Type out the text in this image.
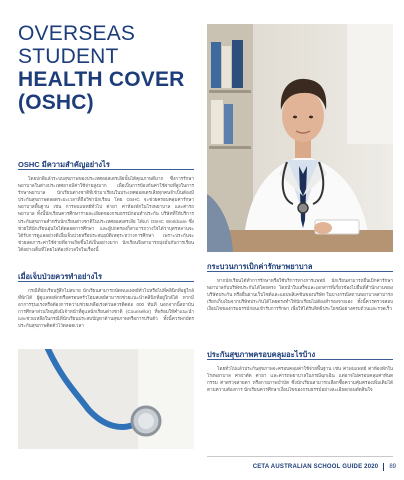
OVERSEAS
STUDENT
HEALTH COVER
(OSHC)
OSHC มีความสำคัญอย่างไร

โดยปกติแล้วระบบสุขภาพของประเทศออสเตรเลียนั้นได้คุณภาพดีมาก ซึ่งการรักษาพยาบาลในต่างประเทศอาจมีค่าใช้จ่ายสูงมาก เพื่อเป็นการป้องกันค่าใช้จ่ายที่สูงในการรักษาพยาบาล นักเรียนต่างชาติที่เข้ามาเรียนในประเทศออสเตรเลียทุกคนจำเป็นต้องมีประกันสุขภาพตลอดระยะเวลาที่ถือวีซ่านักเรียน โดย OSHC จะช่วยครอบคลุมค่ารักษาพยาบาลพื้นฐาน เช่น การพบแพทย์ทั่วไป ค่ายา ค่าห้องพักในโรงพยาบาล และค่ารถพยาบาล ทั้งนี้นักเรียนควรศึกษารายละเอียดของกรมธรรม์ก่อนทำประกัน บริษัทที่ให้บริการประกันสุขภาพสำหรับนักเรียนต่างชาติในประเทศออสเตรเลีย ได้แก่ OSHC Worldcare ซึ่งช่วยให้นักเรียนอุ่นใจได้ตลอดการศึกษา และผู้ปกครองก็สามารถวางใจได้ว่าบุตรหลานจะได้รับการดูแลอย่างดีเมื่อเจ็บป่วยหรือประสบอุบัติเหตุระหว่างการศึกษา เพราะประกันจะช่วยลดภาระค่าใช้จ่ายที่อาจเกิดขึ้นได้เป็นอย่างมาก นักเรียนจึงสามารถมุ่งมั่นกับการเรียนได้อย่างเต็มที่โดยไม่ต้องกังวลใจในเรื่องนี้

เมื่อเจ็บป่วยควรทำอย่างไร

กรณีที่นักเรียนรู้สึกไม่สบาย นักเรียนสามารถนัดพบแพทย์ทั่วไปหรือไปที่คลินิกที่อยู่ใกล้ที่พักได้ ผู้ดูแลหอพักหรือครอบครัวโฮมสเตย์สามารถช่วยแนะนำคลินิกที่อยู่ใกล้ได้ หากมีอาการรุนแรงหรือต้องการความช่วยเหลือเร่งด่วนควรติดต่อ 000 ทันที นอกจากนี้สถาบันการศึกษาส่วนใหญ่ยังมีเจ้าหน้าที่ดูแลนักเรียนต่างชาติ (Counsellor) ที่พร้อมให้คำแนะนำและช่วยเหลือในกรณีที่นักเรียนประสบปัญหาด้านสุขภาพหรือการปรับตัว ทั้งนี้ควรพกบัตรประกันสุขภาพติดตัวไว้ตลอดเวลา

กระบวนการเบิกค่ารักษาพยาบาล

หากนักเรียนได้ทำการรักษาหรือใช้บริการทางการแพทย์ นักเรียนสามารถยื่นเบิกค่ารักษาพยาบาลกับบริษัทประกันได้โดยตรง โดยนำใบเสร็จและเอกสารที่เกี่ยวข้องไปยื่นที่สำนักงานของบริษัทประกัน หรือยื่นผ่านเว็บไซต์และแอปพลิเคชันของบริษัท ในบางกรณีสถานพยาบาลสามารถเรียกเก็บเงินจากบริษัทประกันได้โดยตรงทำให้นักเรียนไม่ต้องสำรองจ่ายเอง ทั้งนี้ควรตรวจสอบเงื่อนไขของกรมธรรม์ก่อนเข้ารับการรักษา เพื่อให้ได้รับสิทธิประโยชน์อย่างครบถ้วนและรวดเร็ว

ประกันสุขภาพครอบคลุมอะไรบ้าง

โดยทั่วไปแล้วประกันสุขภาพจะครอบคลุมค่าใช้จ่ายพื้นฐาน เช่น ค่าพบแพทย์ ค่าห้องพักในโรงพยาบาล ค่าผ่าตัด ค่ายา และค่ารถพยาบาลในกรณีฉุกเฉิน แต่อาจไม่ครอบคลุมค่าทันตกรรม ค่าตรวจสายตา หรือกายภาพบำบัด ซึ่งนักเรียนสามารถเลือกซื้อความคุ้มครองเพิ่มเติมได้ตามความต้องการ นักเรียนควรศึกษาเงื่อนไขของกรมธรรม์อย่างละเอียดก่อนตัดสินใจ

CETA AUSTRALIAN SCHOOL GUIDE 2020 89
